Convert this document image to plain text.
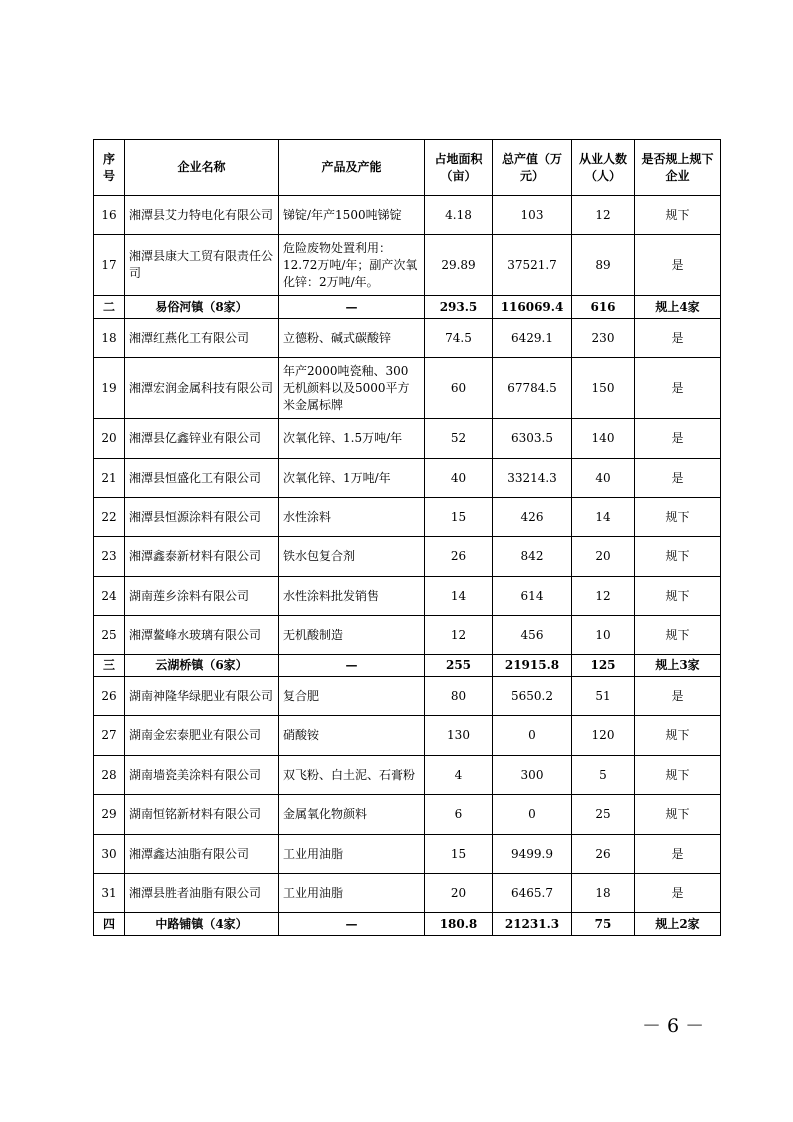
序号	企业名称	产品及产能	占地面积（亩）	总产值（万元）	从业人数（人）	是否规上规下企业
16	湘潭县艾力特电化有限公司	锑锭/年产1500吨锑锭	4.18	103	12	规下
17	湘潭县康大工贸有限责任公司	危险废物处置利用：12.72万吨/年；副产次氧化锌：2万吨/年。	29.89	37521.7	89	是
二	易俗河镇（8家）	—	293.5	116069.4	616	规上4家
18	湘潭红燕化工有限公司	立德粉、碱式碳酸锌	74.5	6429.1	230	是
19	湘潭宏润金属科技有限公司	年产2000吨瓷釉、300无机颜料以及5000平方米金属标牌	60	67784.5	150	是
20	湘潭县亿鑫锌业有限公司	次氧化锌、1.5万吨/年	52	6303.5	140	是
21	湘潭县恒盛化工有限公司	次氧化锌、1万吨/年	40	33214.3	40	是
22	湘潭县恒源涂料有限公司	水性涂料	15	426	14	规下
23	湘潭鑫泰新材料有限公司	铁水包复合剂	26	842	20	规下
24	湖南莲乡涂料有限公司	水性涂料批发销售	14	614	12	规下
25	湘潭鳌峰水玻璃有限公司	无机酸制造	12	456	10	规下
三	云湖桥镇（6家）	—	255	21915.8	125	规上3家
26	湖南神隆华绿肥业有限公司	复合肥	80	5650.2	51	是
27	湖南金宏泰肥业有限公司	硝酸铵	130	0	120	规下
28	湖南墙瓷美涂料有限公司	双飞粉、白土泥、石膏粉	4	300	5	规下
29	湖南恒铭新材料有限公司	金属氧化物颜料	6	0	25	规下
30	湘潭鑫达油脂有限公司	工业用油脂	15	9499.9	26	是
31	湘潭县胜者油脂有限公司	工业用油脂	20	6465.7	18	是
四	中路铺镇（4家）	—	180.8	21231.3	75	规上2家
－ 6 －
